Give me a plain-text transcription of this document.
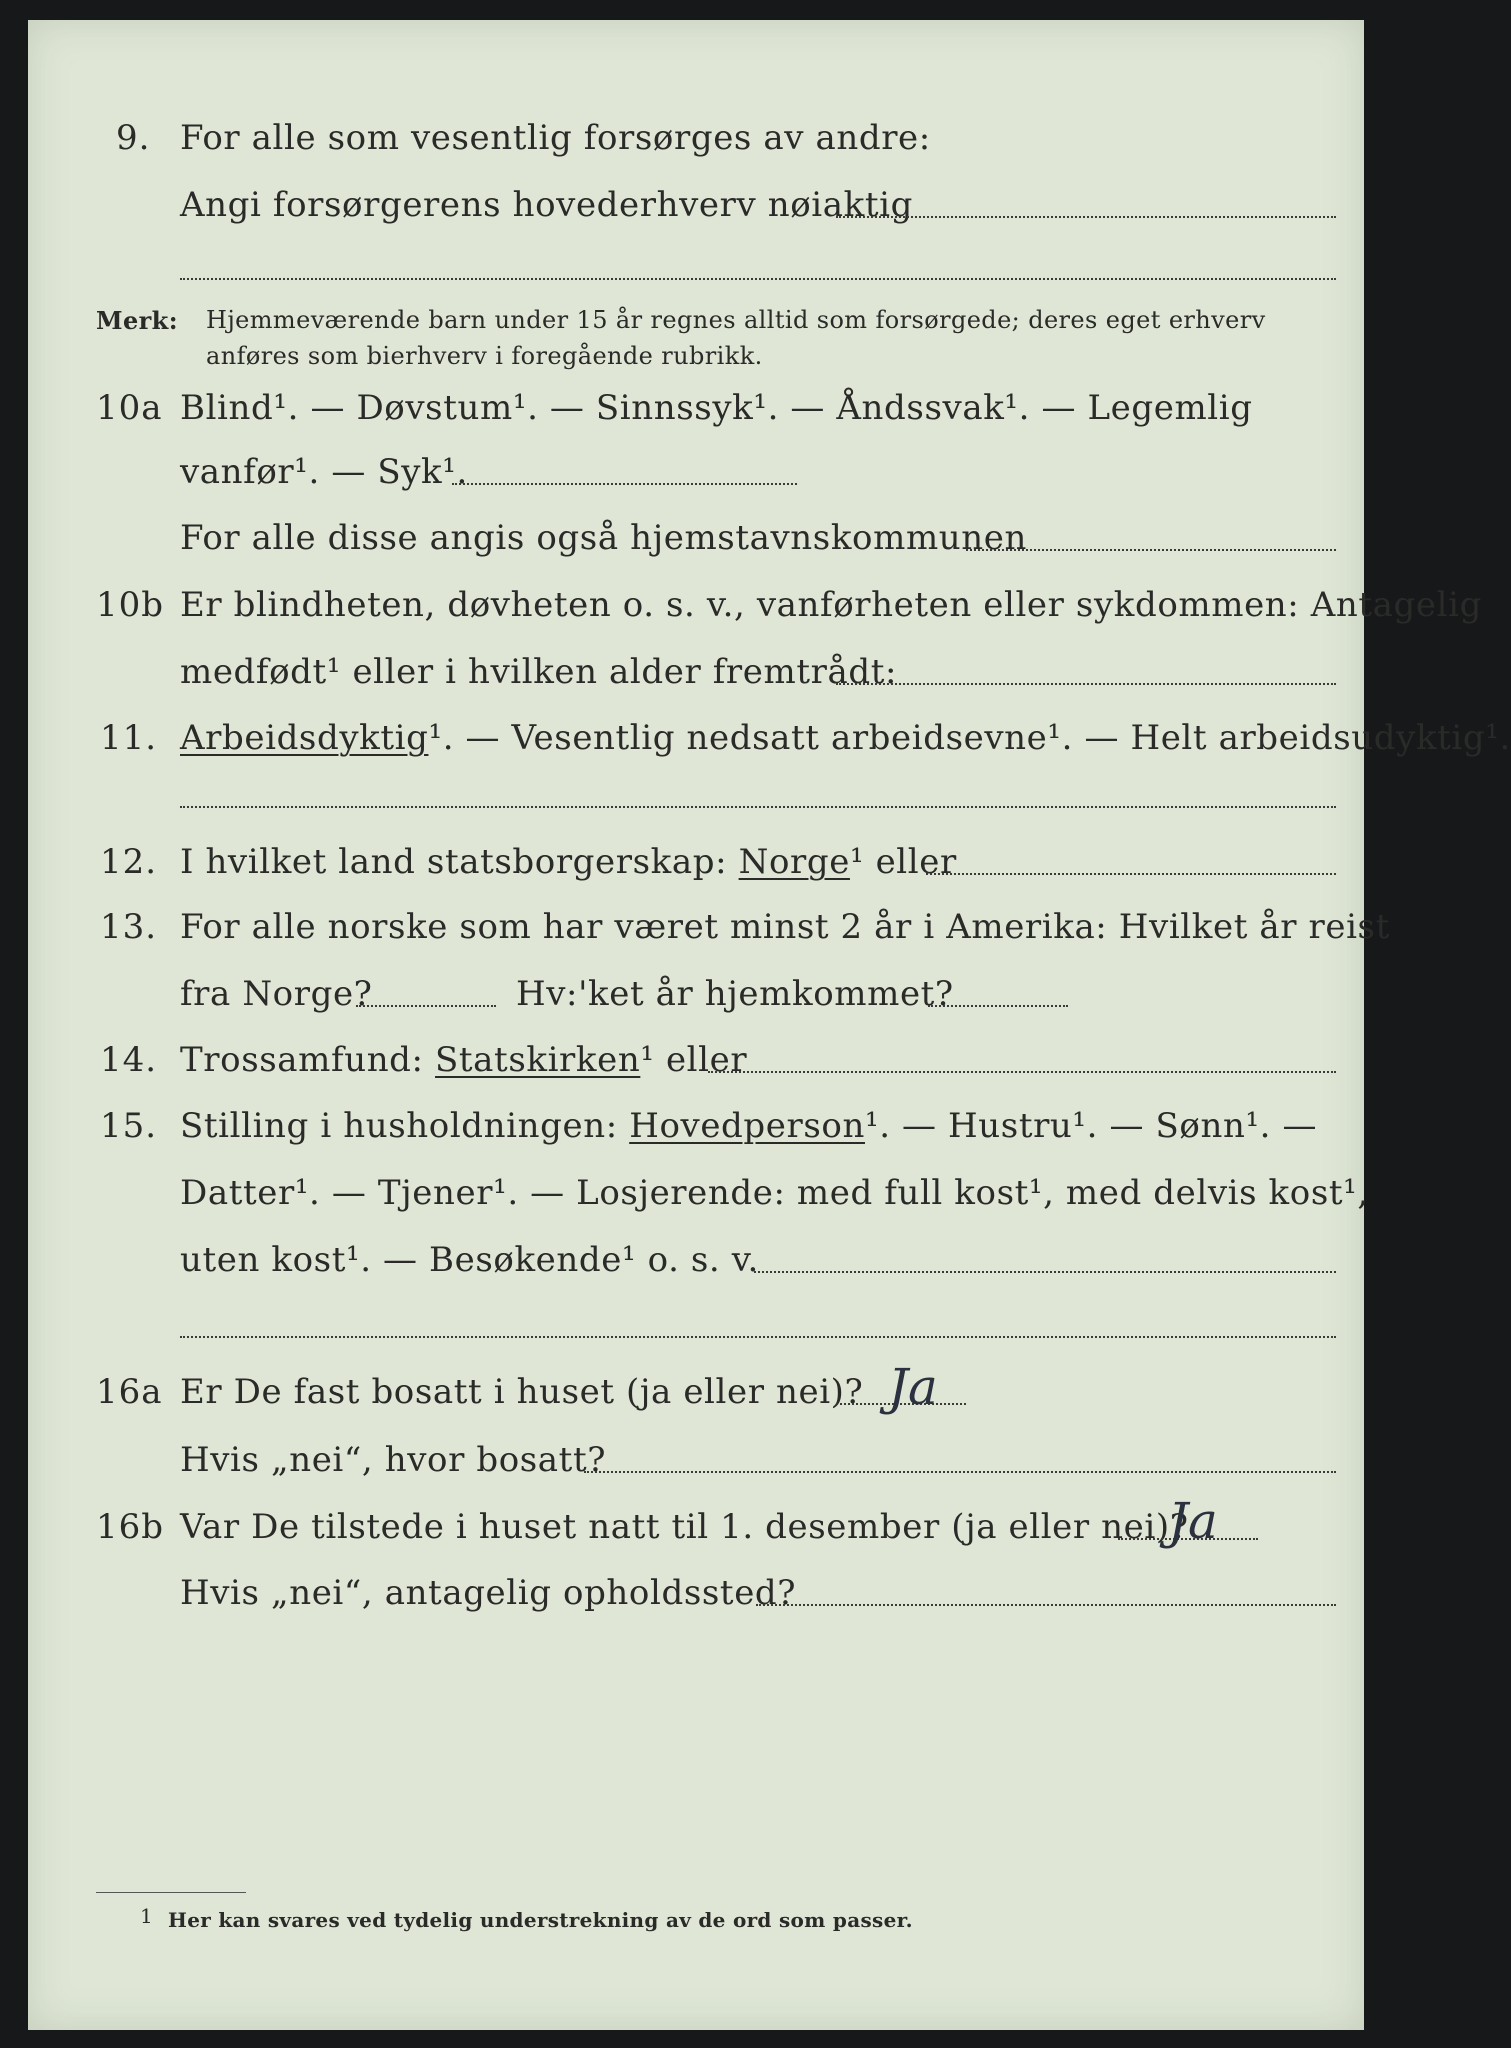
9. For alle som vesentlig forsørges av andre:
Angi forsørgerens hovederhverv nøiaktig
Merk: Hjemmeværende barn under 15 år regnes alltid som forsørgede; deres eget erhverv
anføres som bierhverv i foregående rubrikk.
10a Blind¹. — Døvstum¹. — Sinnssyk¹. — Åndssvak¹. — Legemlig
vanfør¹. — Syk¹.
For alle disse angis også hjemstavnskommunen
10b Er blindheten, døvheten o. s. v., vanførheten eller sykdommen: Antagelig
medfødt¹ eller i hvilken alder fremtrådt:
11. Arbeidsdyktig¹. — Vesentlig nedsatt arbeidsevne¹. — Helt arbeidsudyktig¹.
12. I hvilket land statsborgerskap: Norge¹ eller
13. For alle norske som har været minst 2 år i Amerika: Hvilket år reist
fra Norge?	Hv:'ket år hjemkommet?
14. Trossamfund: Statskirken¹ eller
15. Stilling i husholdningen: Hovedperson¹. — Hustru¹. — Sønn¹. —
Datter¹. — Tjener¹. — Losjerende: med full kost¹, med delvis kost¹,
uten kost¹. — Besøkende¹ o. s. v.
16a Er De fast bosatt i huset (ja eller nei)? Ja
Hvis „nei“, hvor bosatt?
16b Var De tilstede i huset natt til 1. desember (ja eller nei)?
Ja
Hvis „nei“, antagelig opholdssted?
1 Her kan svares ved tydelig understrekning av de ord som passer.
